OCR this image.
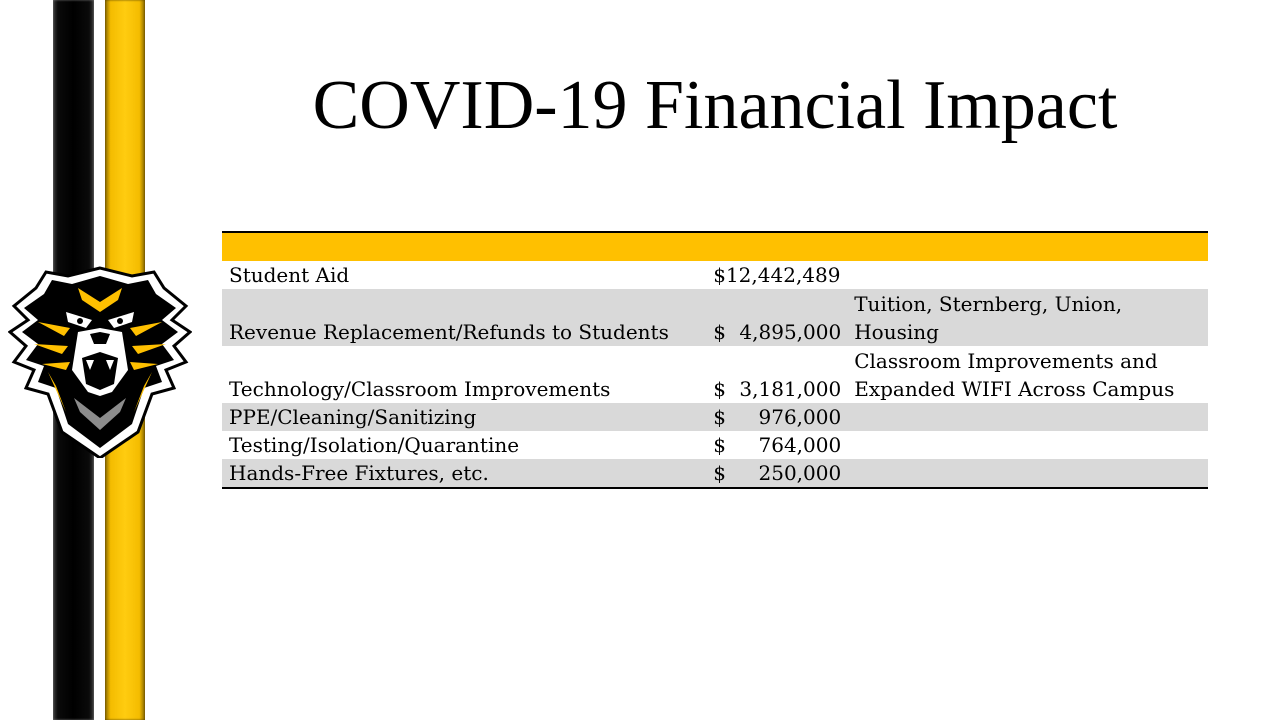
COVID-19 Financial Impact

Student Aid	$12,442,489	

Revenue Replacement/Refunds to Students	$ 4,895,000	Tuition, Sternberg, Union, Housing
Technology/Classroom Improvements	$ 3,181,000	Classroom Improvements and Expanded WIFI Across Campus
PPE/Cleaning/Sanitizing	$ 976,000	

Testing/Isolation/Quarantine	$ 764,000	

Hands-Free Fixtures, etc.	$ 250,000	
